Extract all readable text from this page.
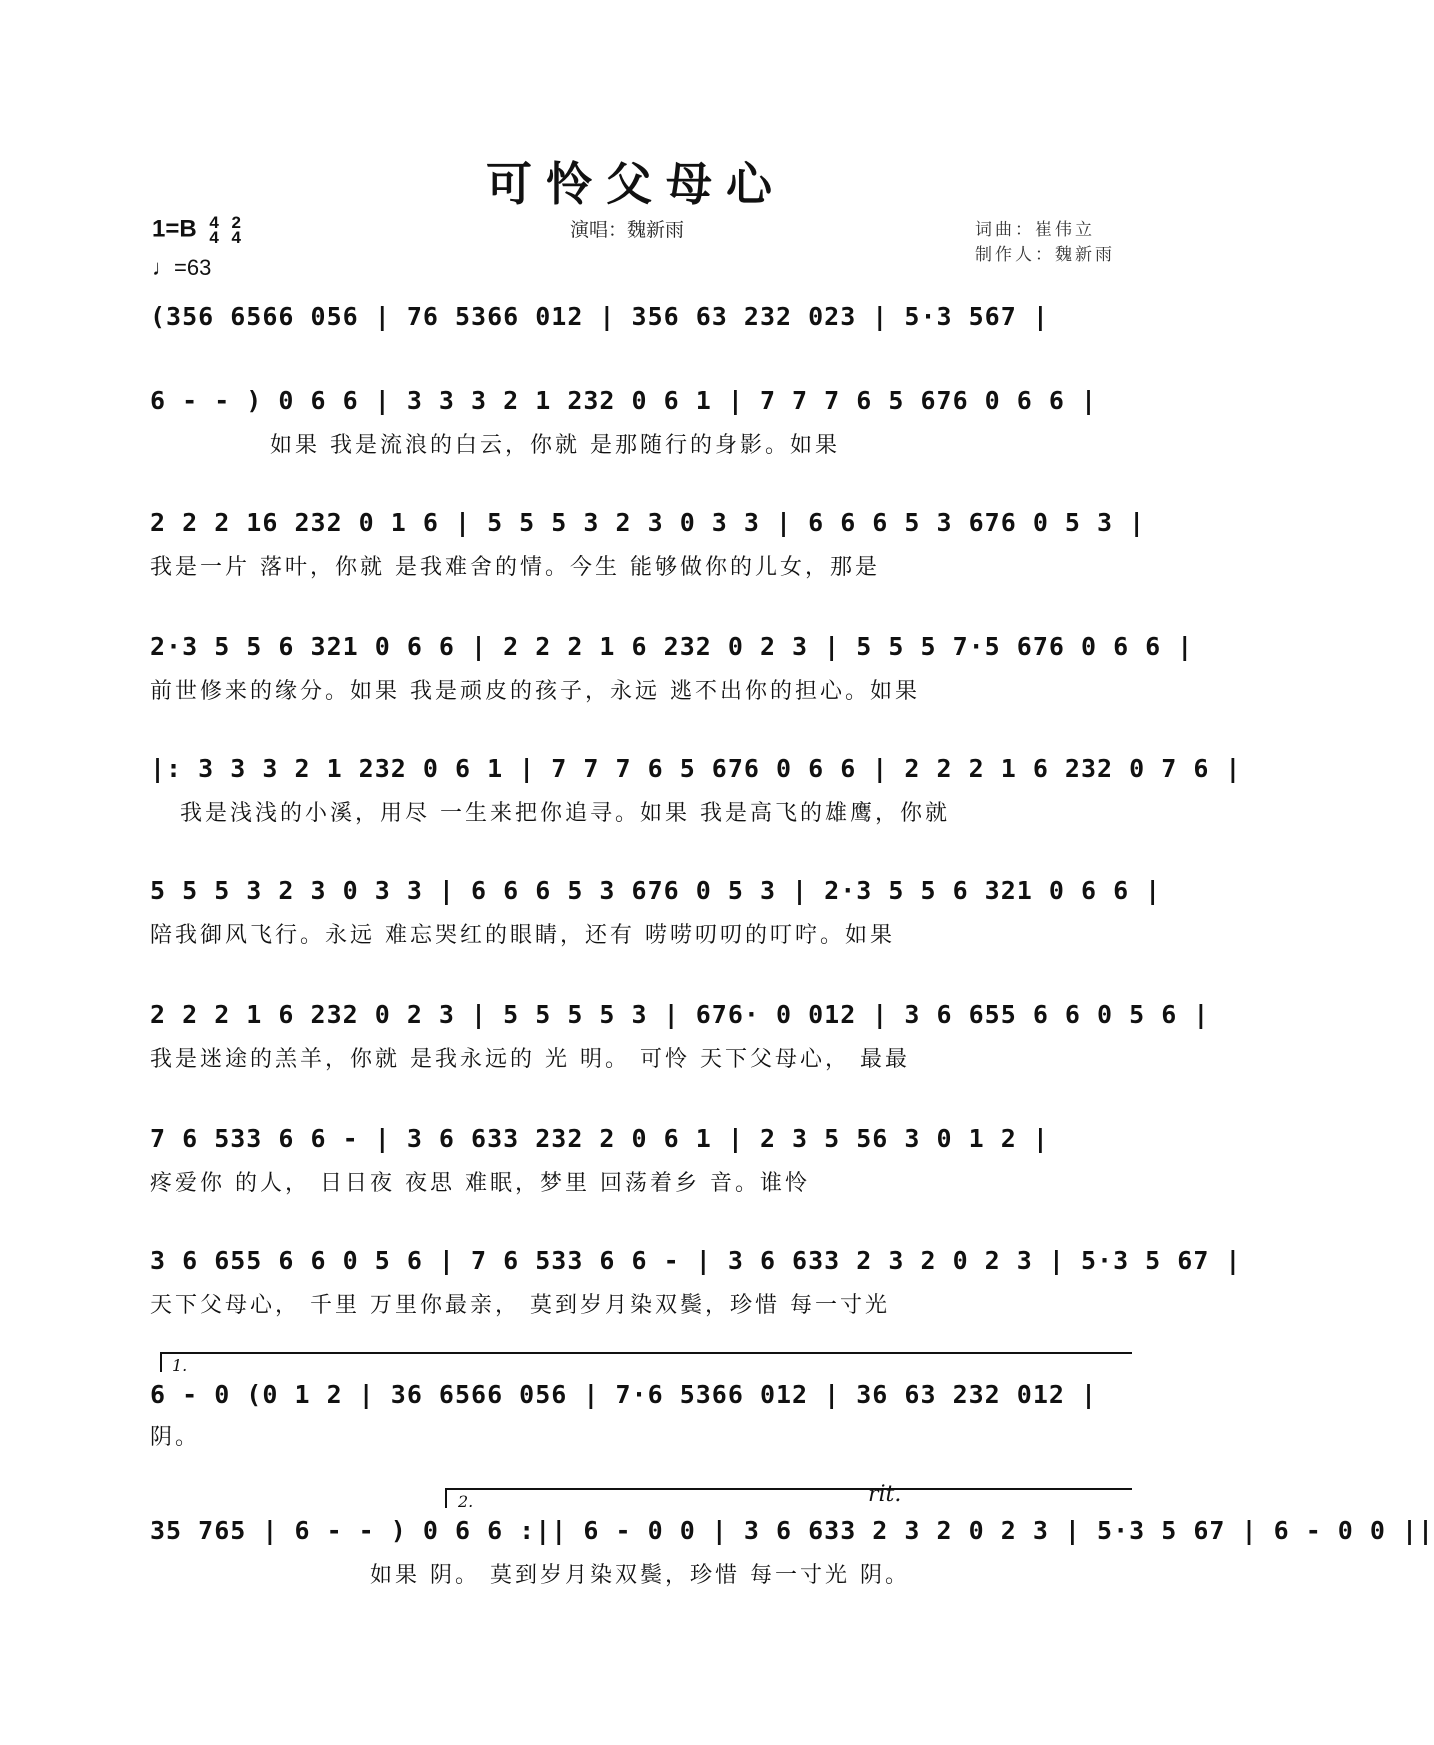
可怜父母心
1=B 4
4

2
4
♩=63
演唱：魏新雨	词曲：崔伟立
制作人：魏新雨
(356 6566 056 | 76 5366 012 | 356 63 232 023 | 5·3 567 |
6 - - ) 0 6 6 | 3 3 3 2 1 232 0 6 1 | 7 7 7 6 5 676 0 6 6 |
如果 我是流浪的白云，你就 是那随行的身影。如果
2 2 2 16 232 0 1 6 | 5 5 5 3 2 3 0 3 3 | 6 6 6 5 3 676 0 5 3 |
我是一片 落叶，你就 是我难舍的情。今生 能够做你的儿女，那是
2·3 5 5 6 321 0 6 6 | 2 2 2 1 6 232 0 2 3 | 5 5 5 7·5 676 0 6 6 |
前世修来的缘分。如果 我是顽皮的孩子，永远 逃不出你的担心。如果
|: 3 3 3 2 1 232 0 6 1 | 7 7 7 6 5 676 0 6 6 | 2 2 2 1 6 232 0 7 6 |
我是浅浅的小溪，用尽 一生来把你追寻。如果 我是高飞的雄鹰，你就
5 5 5 3 2 3 0 3 3 | 6 6 6 5 3 676 0 5 3 | 2·3 5 5 6 321 0 6 6 |
陪我御风飞行。永远 难忘哭红的眼睛，还有 唠唠叨叨的叮咛。如果
2 2 2 1 6 232 0 2 3 | 5 5 5 5 3 | 676· 0 012 | 3 6 655 6 6 0 5 6 |
我是迷途的羔羊，你就 是我永远的 光 明。 可怜 天下父母心， 最最
7 6 533 6 6 - | 3 6 633 232 2 0 6 1 | 2 3 5 56 3 0 1 2 |
疼爱你 的人， 日日夜 夜思 难眠，梦里 回荡着乡 音。谁怜
3 6 655 6 6 0 5 6 | 7 6 533 6 6 - | 3 6 633 2 3 2 0 2 3 | 5·3 5 67 |
天下父母心， 千里 万里你最亲， 莫到岁月染双鬓，珍惜 每一寸光
1.
6 - 0 (0 1 2 | 36 6566 056 | 7·6 5366 012 | 36 63 232 012 |
阴。
2.	rit.
35 765 | 6 - - ) 0 6 6 :|| 6 - 0 0 | 3 6 633 2 3 2 0 2 3 | 5·3 5 67 | 6 - 0 0 ||
如果 阴。 莫到岁月染双鬓，珍惜 每一寸光 阴。
